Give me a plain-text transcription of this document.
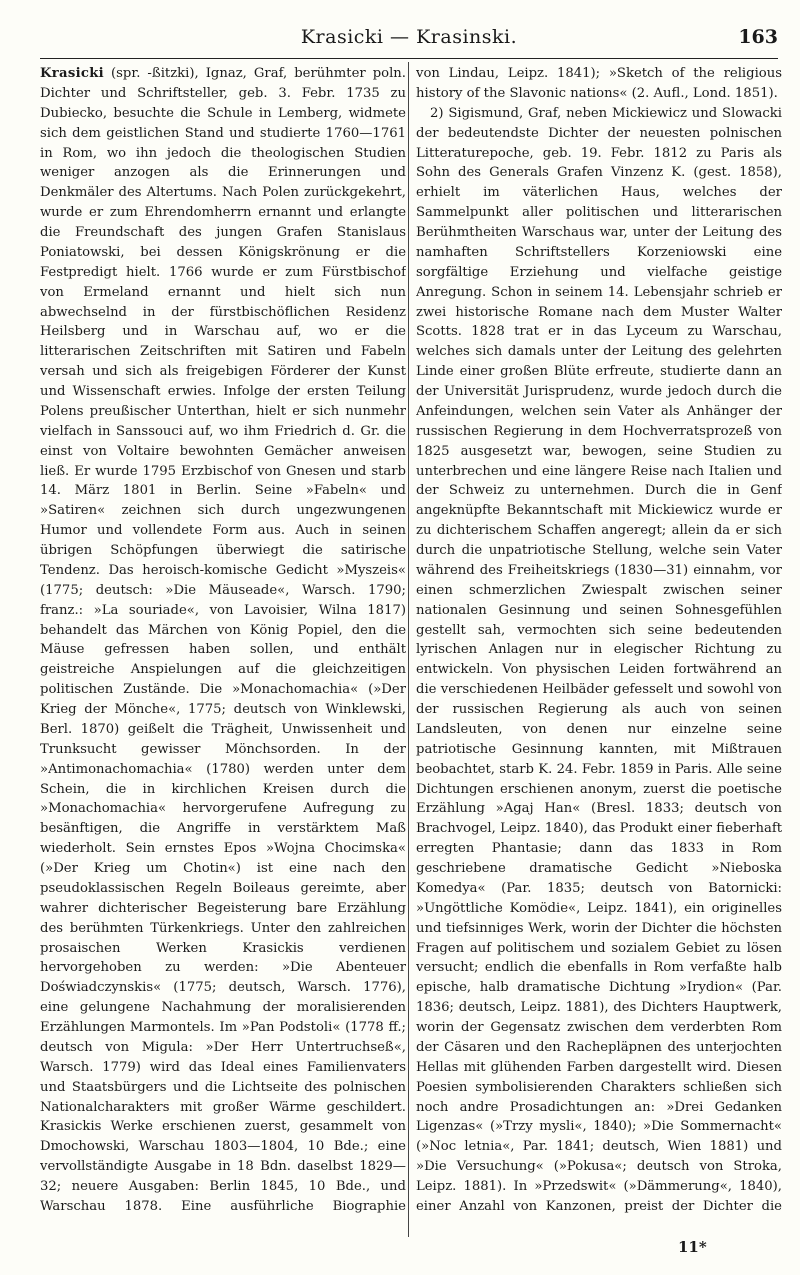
Krasicki — Krasinski.	163

Krasicki (spr. -ßitzki), Ignaz, Graf, berühmter poln. Dichter und Schriftsteller, geb. 3. Febr. 1735 zu Dubiecko, besuchte die Schule in Lemberg, widmete sich dem geistlichen Stand und studierte 1760—1761 in Rom, wo ihn jedoch die theologischen Studien weniger anzogen als die Erinnerungen und Denkmäler des Altertums. Nach Polen zurückgekehrt, wurde er zum Ehrendomherrn ernannt und erlangte die Freundschaft des jungen Grafen Stanislaus Poniatowski, bei dessen Königskrönung er die Festpredigt hielt. 1766 wurde er zum Fürstbischof von Ermeland ernannt und hielt sich nun abwechselnd in der fürstbischöflichen Residenz Heilsberg und in Warschau auf, wo er die litterarischen Zeitschriften mit Satiren und Fabeln versah und sich als freigebigen Förderer der Kunst und Wissenschaft erwies. Infolge der ersten Teilung Polens preußischer Unterthan, hielt er sich nunmehr vielfach in Sanssouci auf, wo ihm Friedrich d. Gr. die einst von Voltaire bewohnten Gemächer anweisen ließ. Er wurde 1795 Erzbischof von Gnesen und starb 14. März 1801 in Berlin. Seine »Fabeln« und »Satiren« zeichnen sich durch ungezwungenen Humor und vollendete Form aus. Auch in seinen übrigen Schöpfungen überwiegt die satirische Tendenz. Das heroisch-komische Gedicht »Myszeis« (1775; deutsch: »Die Mäuseade«, Warsch. 1790; franz.: »La souriade«, von Lavoisier, Wilna 1817) behandelt das Märchen von König Popiel, den die Mäuse gefressen haben sollen, und enthält geistreiche Anspielungen auf die gleichzeitigen politischen Zustände. Die »Monachomachia« (»Der Krieg der Mönche«, 1775; deutsch von Winklewski, Berl. 1870) geißelt die Trägheit, Unwissenheit und Trunksucht gewisser Mönchsorden. In der »Antimonachomachia« (1780) werden unter dem Schein, die in kirchlichen Kreisen durch die »Monachomachia« hervorgerufene Aufregung zu besänftigen, die Angriffe in verstärktem Maß wiederholt. Sein ernstes Epos »Wojna Chocimska« (»Der Krieg um Chotin«) ist eine nach den pseudoklassischen Regeln Boileaus gereimte, aber wahrer dichterischer Begeisterung bare Erzählung des berühmten Türkenkriegs. Unter den zahlreichen prosaischen Werken Krasickis verdienen hervorgehoben zu werden: »Die Abenteuer Doświadczynskis« (1775; deutsch, Warsch. 1776), eine gelungene Nachahmung der moralisierenden Erzählungen Marmontels. Im »Pan Podstoli« (1778 ff.; deutsch von Migula: »Der Herr Untertruchseß«, Warsch. 1779) wird das Ideal eines Familienvaters und Staatsbürgers und die Lichtseite des polnischen Nationalcharakters mit großer Wärme geschildert. Krasickis Werke erschienen zuerst, gesammelt von Dmochowski, Warschau 1803—1804, 10 Bde.; eine vervollständigte Ausgabe in 18 Bdn. daselbst 1829—32; neuere Ausgaben: Berlin 1845, 10 Bde., und Warschau 1878. Eine ausführliche Biographie

von Lindau, Leipz. 1841); »Sketch of the religious history of the Slavonic nations« (2. Aufl., Lond. 1851).

2) Sigismund, Graf, neben Mickiewicz und Slowacki der bedeutendste Dichter der neuesten polnischen Litteraturepoche, geb. 19. Febr. 1812 zu Paris als Sohn des Generals Grafen Vinzenz K. (gest. 1858), erhielt im väterlichen Haus, welches der Sammelpunkt aller politischen und litterarischen Berühmtheiten Warschaus war, unter der Leitung des namhaften Schriftstellers Korzeniowski eine sorgfältige Erziehung und vielfache geistige Anregung. Schon in seinem 14. Lebensjahr schrieb er zwei historische Romane nach dem Muster Walter Scotts. 1828 trat er in das Lyceum zu Warschau, welches sich damals unter der Leitung des gelehrten Linde einer großen Blüte erfreute, studierte dann an der Universität Jurisprudenz, wurde jedoch durch die Anfeindungen, welchen sein Vater als Anhänger der russischen Regierung in dem Hochverratsprozeß von 1825 ausgesetzt war, bewogen, seine Studien zu unterbrechen und eine längere Reise nach Italien und der Schweiz zu unternehmen. Durch die in Genf angeknüpfte Bekanntschaft mit Mickiewicz wurde er zu dichterischem Schaffen angeregt; allein da er sich durch die unpatriotische Stellung, welche sein Vater während des Freiheitskriegs (1830—31) einnahm, vor einen schmerzlichen Zwiespalt zwischen seiner nationalen Gesinnung und seinen Sohnesgefühlen gestellt sah, vermochten sich seine bedeutenden lyrischen Anlagen nur in elegischer Richtung zu entwickeln. Von physischen Leiden fortwährend an die verschiedenen Heilbäder gefesselt und sowohl von der russischen Regierung als auch von seinen Landsleuten, von denen nur einzelne seine patriotische Gesinnung kannten, mit Mißtrauen beobachtet, starb K. 24. Febr. 1859 in Paris. Alle seine Dichtungen erschienen anonym, zuerst die poetische Erzählung »Agaj Han« (Bresl. 1833; deutsch von Brachvogel, Leipz. 1840), das Produkt einer fieberhaft erregten Phantasie; dann das 1833 in Rom geschriebene dramatische Gedicht »Nieboska Komedya« (Par. 1835; deutsch von Batornicki: »Ungöttliche Komödie«, Leipz. 1841), ein originelles und tiefsinniges Werk, worin der Dichter die höchsten Fragen auf politischem und sozialem Gebiet zu lösen versucht; endlich die ebenfalls in Rom verfaßte halb epische, halb dramatische Dichtung »Irydion« (Par. 1836; deutsch, Leipz. 1881), des Dichters Hauptwerk, worin der Gegensatz zwischen dem verderbten Rom der Cäsaren und den Rachepläpnen des unterjochten Hellas mit glühenden Farben dargestellt wird. Diesen Poesien symbolisierenden Charakters schließen sich noch andre Prosadichtungen an: »Drei Gedanken Ligenzas« (»Trzy mysli«, 1840); »Die Sommernacht« (»Noc letnia«, Par. 1841; deutsch, Wien 1881) und »Die Versuchung« (»Pokusa«; deutsch von Stroka, Leipz. 1881). In »Przedswit« (»Dämmerung«, 1840), einer Anzahl von Kanzonen, preist der Dichter die

11*
